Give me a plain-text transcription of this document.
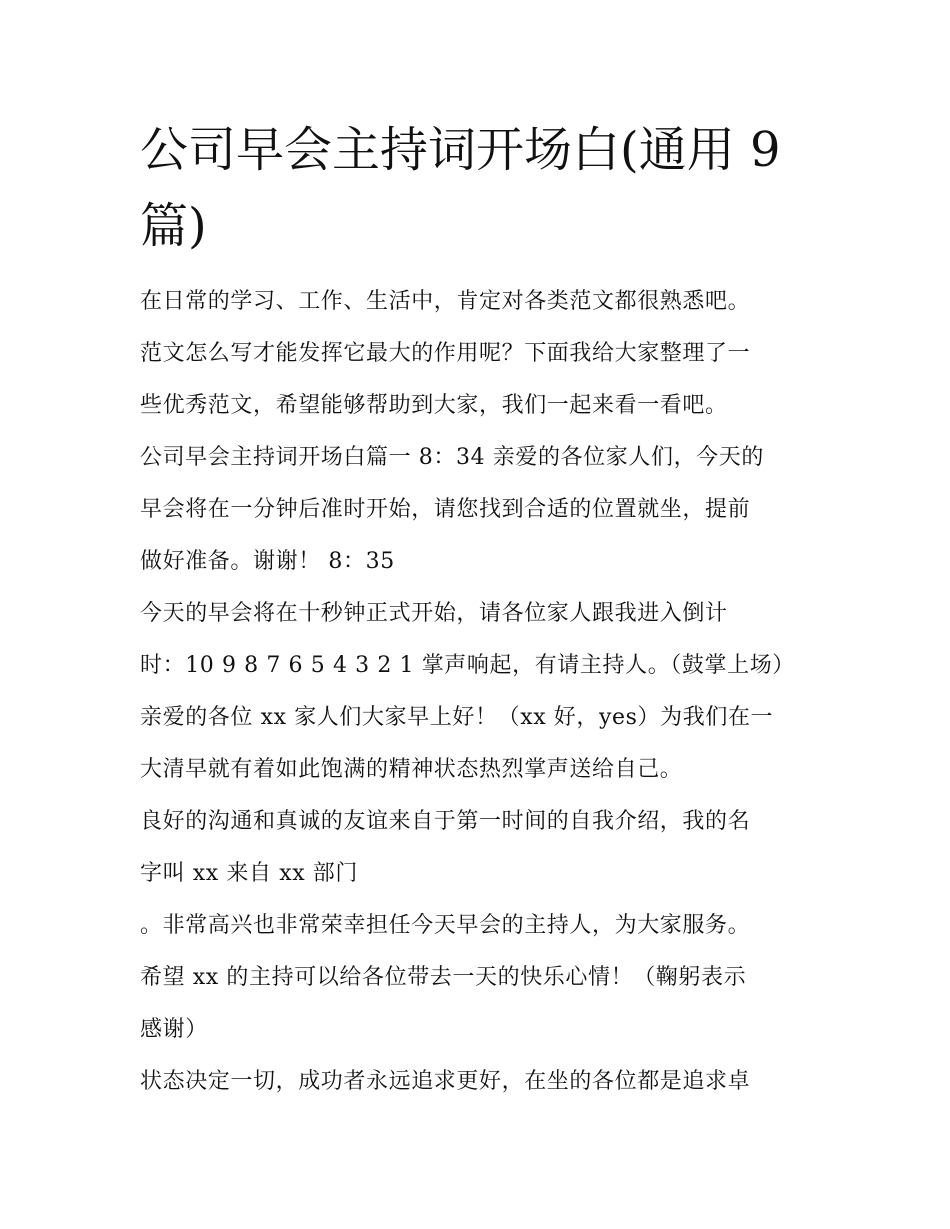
公司早会主持词开场白(通用 9 篇)

在日常的学习、工作、生活中，肯定对各类范文都很熟悉吧。

范文怎么写才能发挥它最大的作用呢？下面我给大家整理了一

些优秀范文，希望能够帮助到大家，我们一起来看一看吧。

公司早会主持词开场白篇一 8：34 亲爱的各位家人们，今天的

早会将在一分钟后准时开始，请您找到合适的位置就坐，提前

做好准备。谢谢！ 8：35

今天的早会将在十秒钟正式开始，请各位家人跟我进入倒计

时：10 9 8 7 6 5 4 3 2 1 掌声响起，有请主持人。（鼓掌上场）

亲爱的各位 xx 家人们大家早上好！（xx 好，yes）为我们在一

大清早就有着如此饱满的精神状态热烈掌声送给自己。

良好的沟通和真诚的友谊来自于第一时间的自我介绍，我的名

字叫 xx 来自 xx 部门

。非常高兴也非常荣幸担任今天早会的主持人，为大家服务。

希望 xx 的主持可以给各位带去一天的快乐心情！（鞠躬表示

感谢）

状态决定一切，成功者永远追求更好，在坐的各位都是追求卓
